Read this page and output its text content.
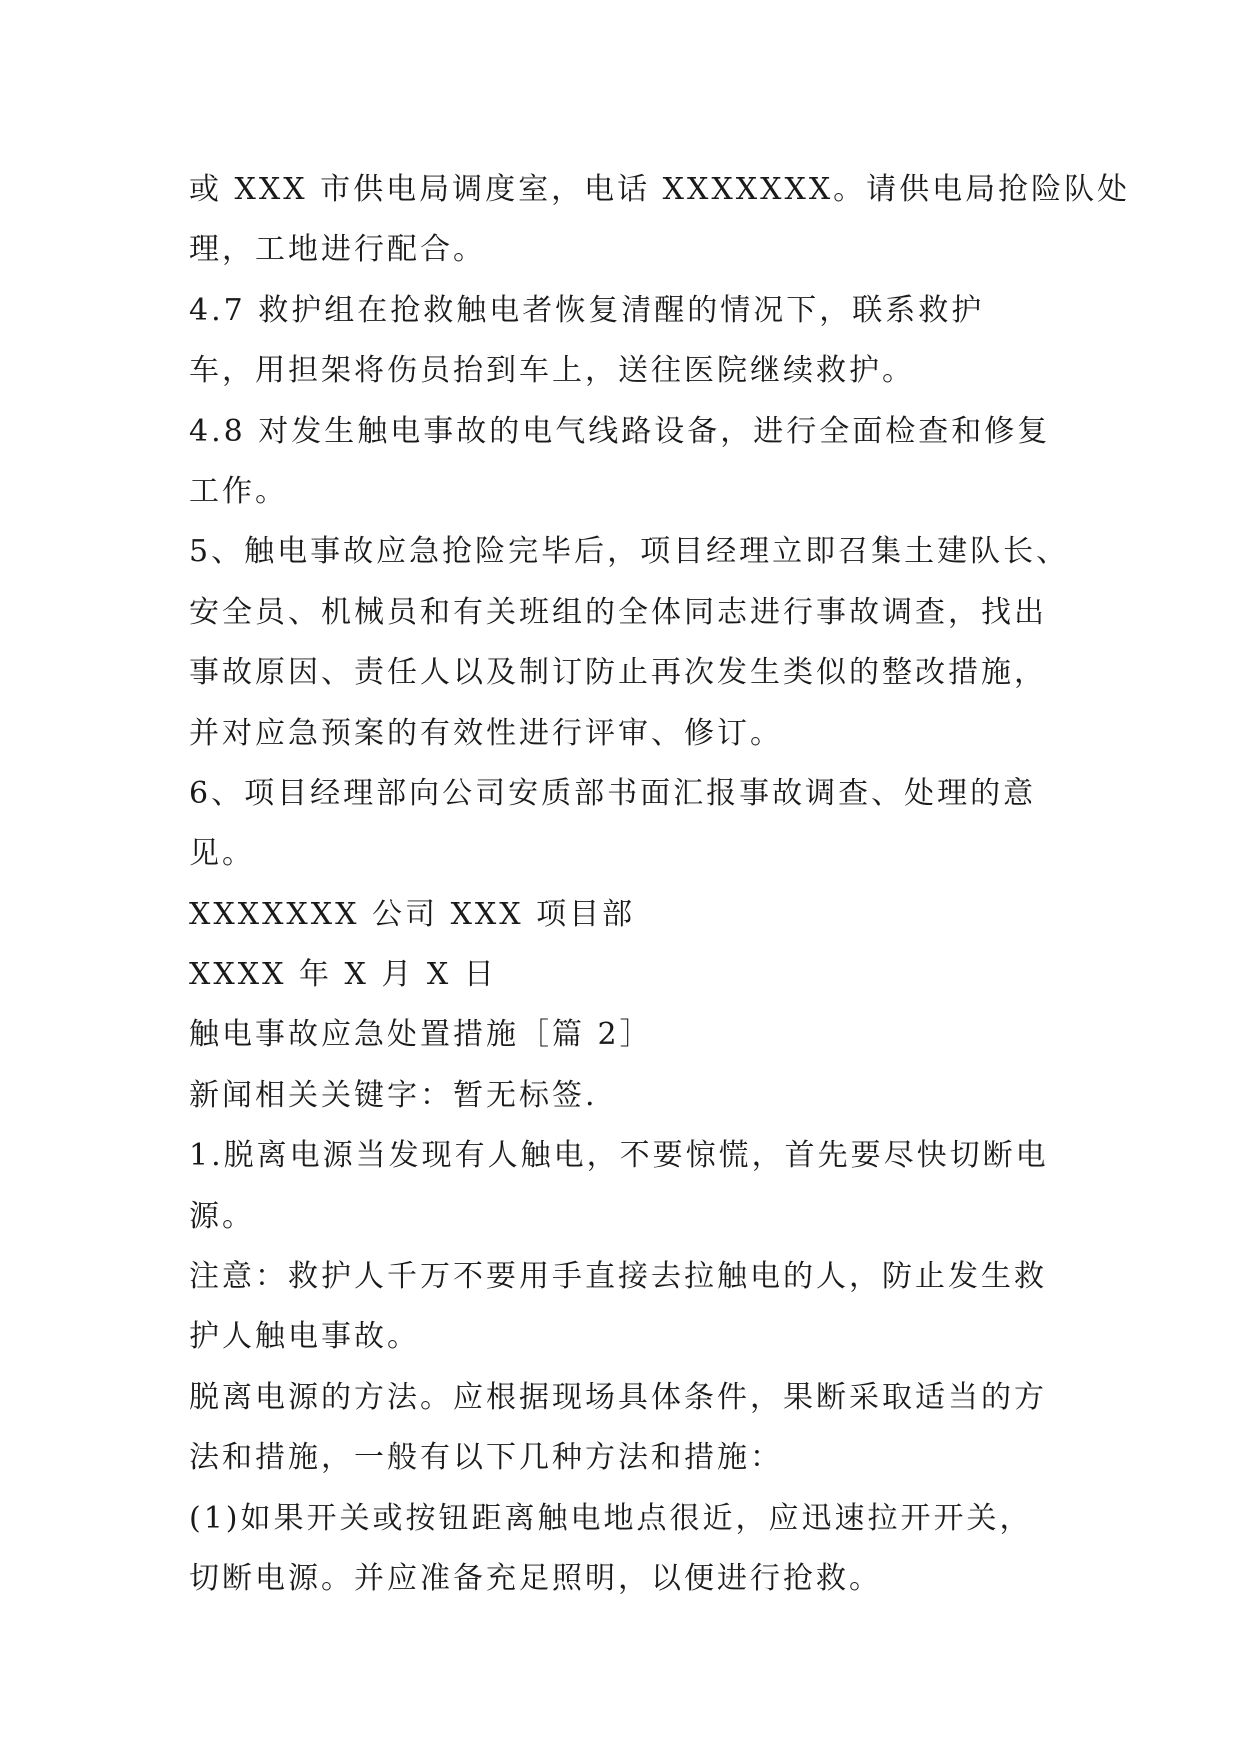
或 XXX 市供电局调度室，电话 XXXXXXX。请供电局抢险队处
理，工地进行配合。
4.7 救护组在抢救触电者恢复清醒的情况下，联系救护
车，用担架将伤员抬到车上，送往医院继续救护。
4.8 对发生触电事故的电气线路设备，进行全面检查和修复
工作。
5、触电事故应急抢险完毕后，项目经理立即召集土建队长、
安全员、机械员和有关班组的全体同志进行事故调查，找出
事故原因、责任人以及制订防止再次发生类似的整改措施，
并对应急预案的有效性进行评审、修订。
6、项目经理部向公司安质部书面汇报事故调查、处理的意
见。
XXXXXXX 公司 XXX 项目部
XXXX 年 X 月 X 日
触电事故应急处置措施［篇 2］
新闻相关关键字：暂无标签.
1.脱离电源当发现有人触电，不要惊慌，首先要尽快切断电
源。
注意：救护人千万不要用手直接去拉触电的人，防止发生救
护人触电事故。
脱离电源的方法。应根据现场具体条件，果断采取适当的方
法和措施，一般有以下几种方法和措施：
(1)如果开关或按钮距离触电地点很近，应迅速拉开开关，
切断电源。并应准备充足照明，以便进行抢救。
